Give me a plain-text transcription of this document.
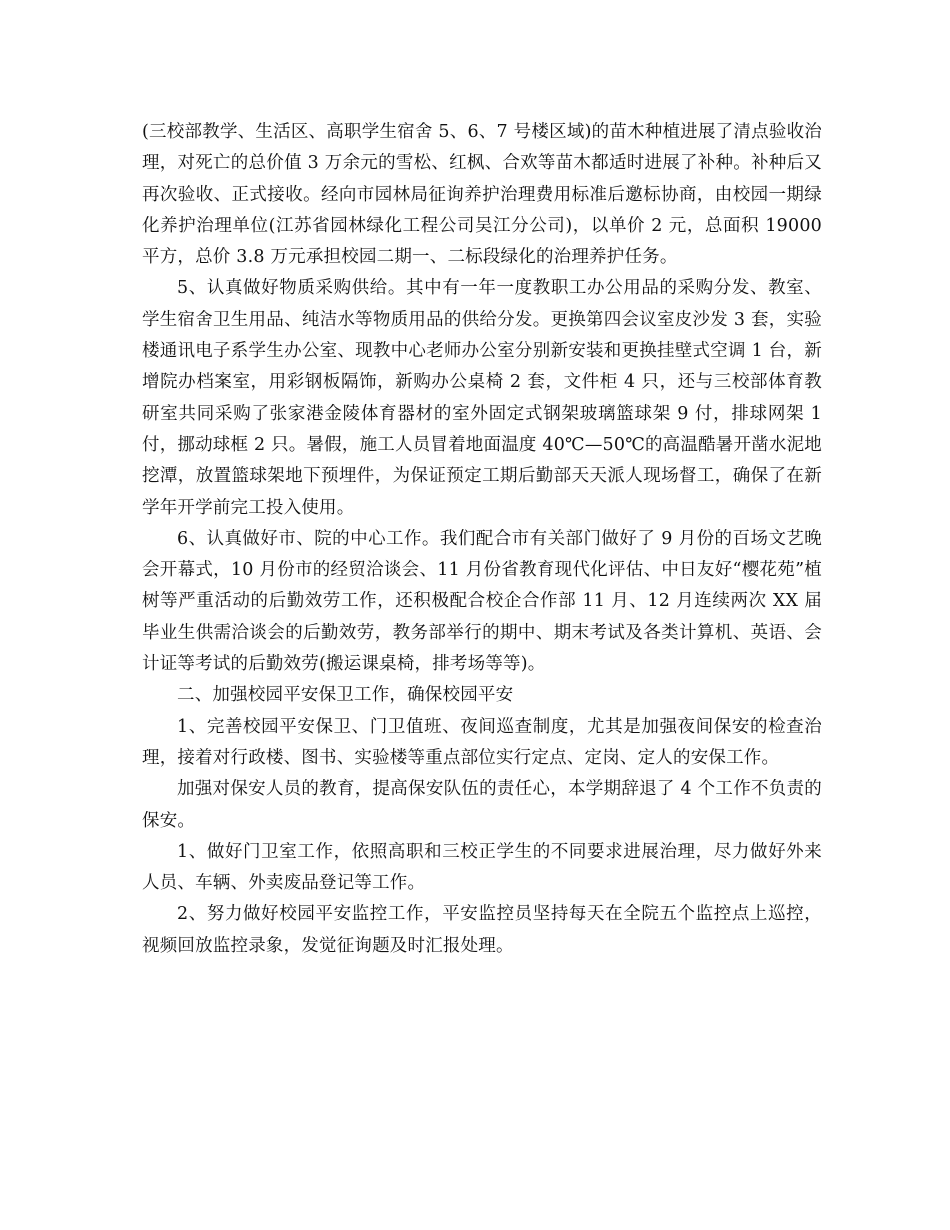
(三校部教学、生活区、高职学生宿舍 5、6、7 号楼区域)的苗木种植进展了清点验收治理，对死亡的总价值 3 万余元的雪松、红枫、合欢等苗木都适时进展了补种。补种后又再次验收、正式接收。经向市园林局征询养护治理费用标准后邀标协商，由校园一期绿化养护治理单位(江苏省园林绿化工程公司吴江分公司)，以单价 2 元，总面积 19000 平方，总价 3.8 万元承担校园二期一、二标段绿化的治理养护任务。

5、认真做好物质采购供给。其中有一年一度教职工办公用品的采购分发、教室、学生宿舍卫生用品、纯洁水等物质用品的供给分发。更换第四会议室皮沙发 3 套，实验楼通讯电子系学生办公室、现教中心老师办公室分别新安装和更换挂壁式空调 1 台，新增院办档案室，用彩钢板隔饰，新购办公桌椅 2 套，文件柜 4 只，还与三校部体育教研室共同采购了张家港金陵体育器材的室外固定式钢架玻璃篮球架 9 付，排球网架 1 付，挪动球框 2 只。暑假，施工人员冒着地面温度 40℃—50℃的高温酷暑开凿水泥地挖潭，放置篮球架地下预埋件，为保证预定工期后勤部天天派人现场督工，确保了在新学年开学前完工投入使用。

6、认真做好市、院的中心工作。我们配合市有关部门做好了 9 月份的百场文艺晚会开幕式，10 月份市的经贸洽谈会、11 月份省教育现代化评估、中日友好“樱花苑”植树等严重活动的后勤效劳工作，还积极配合校企合作部 11 月、12 月连续两次 XX 届毕业生供需洽谈会的后勤效劳，教务部举行的期中、期末考试及各类计算机、英语、会计证等考试的后勤效劳(搬运课桌椅，排考场等等)。

二、加强校园平安保卫工作，确保校园平安

1、完善校园平安保卫、门卫值班、夜间巡查制度，尤其是加强夜间保安的检查治理，接着对行政楼、图书、实验楼等重点部位实行定点、定岗、定人的安保工作。

加强对保安人员的教育，提高保安队伍的责任心，本学期辞退了 4 个工作不负责的保安。

1、做好门卫室工作，依照高职和三校正学生的不同要求进展治理，尽力做好外来人员、车辆、外卖废品登记等工作。

2、努力做好校园平安监控工作，平安监控员坚持每天在全院五个监控点上巡控，视频回放监控录象，发觉征询题及时汇报处理。
